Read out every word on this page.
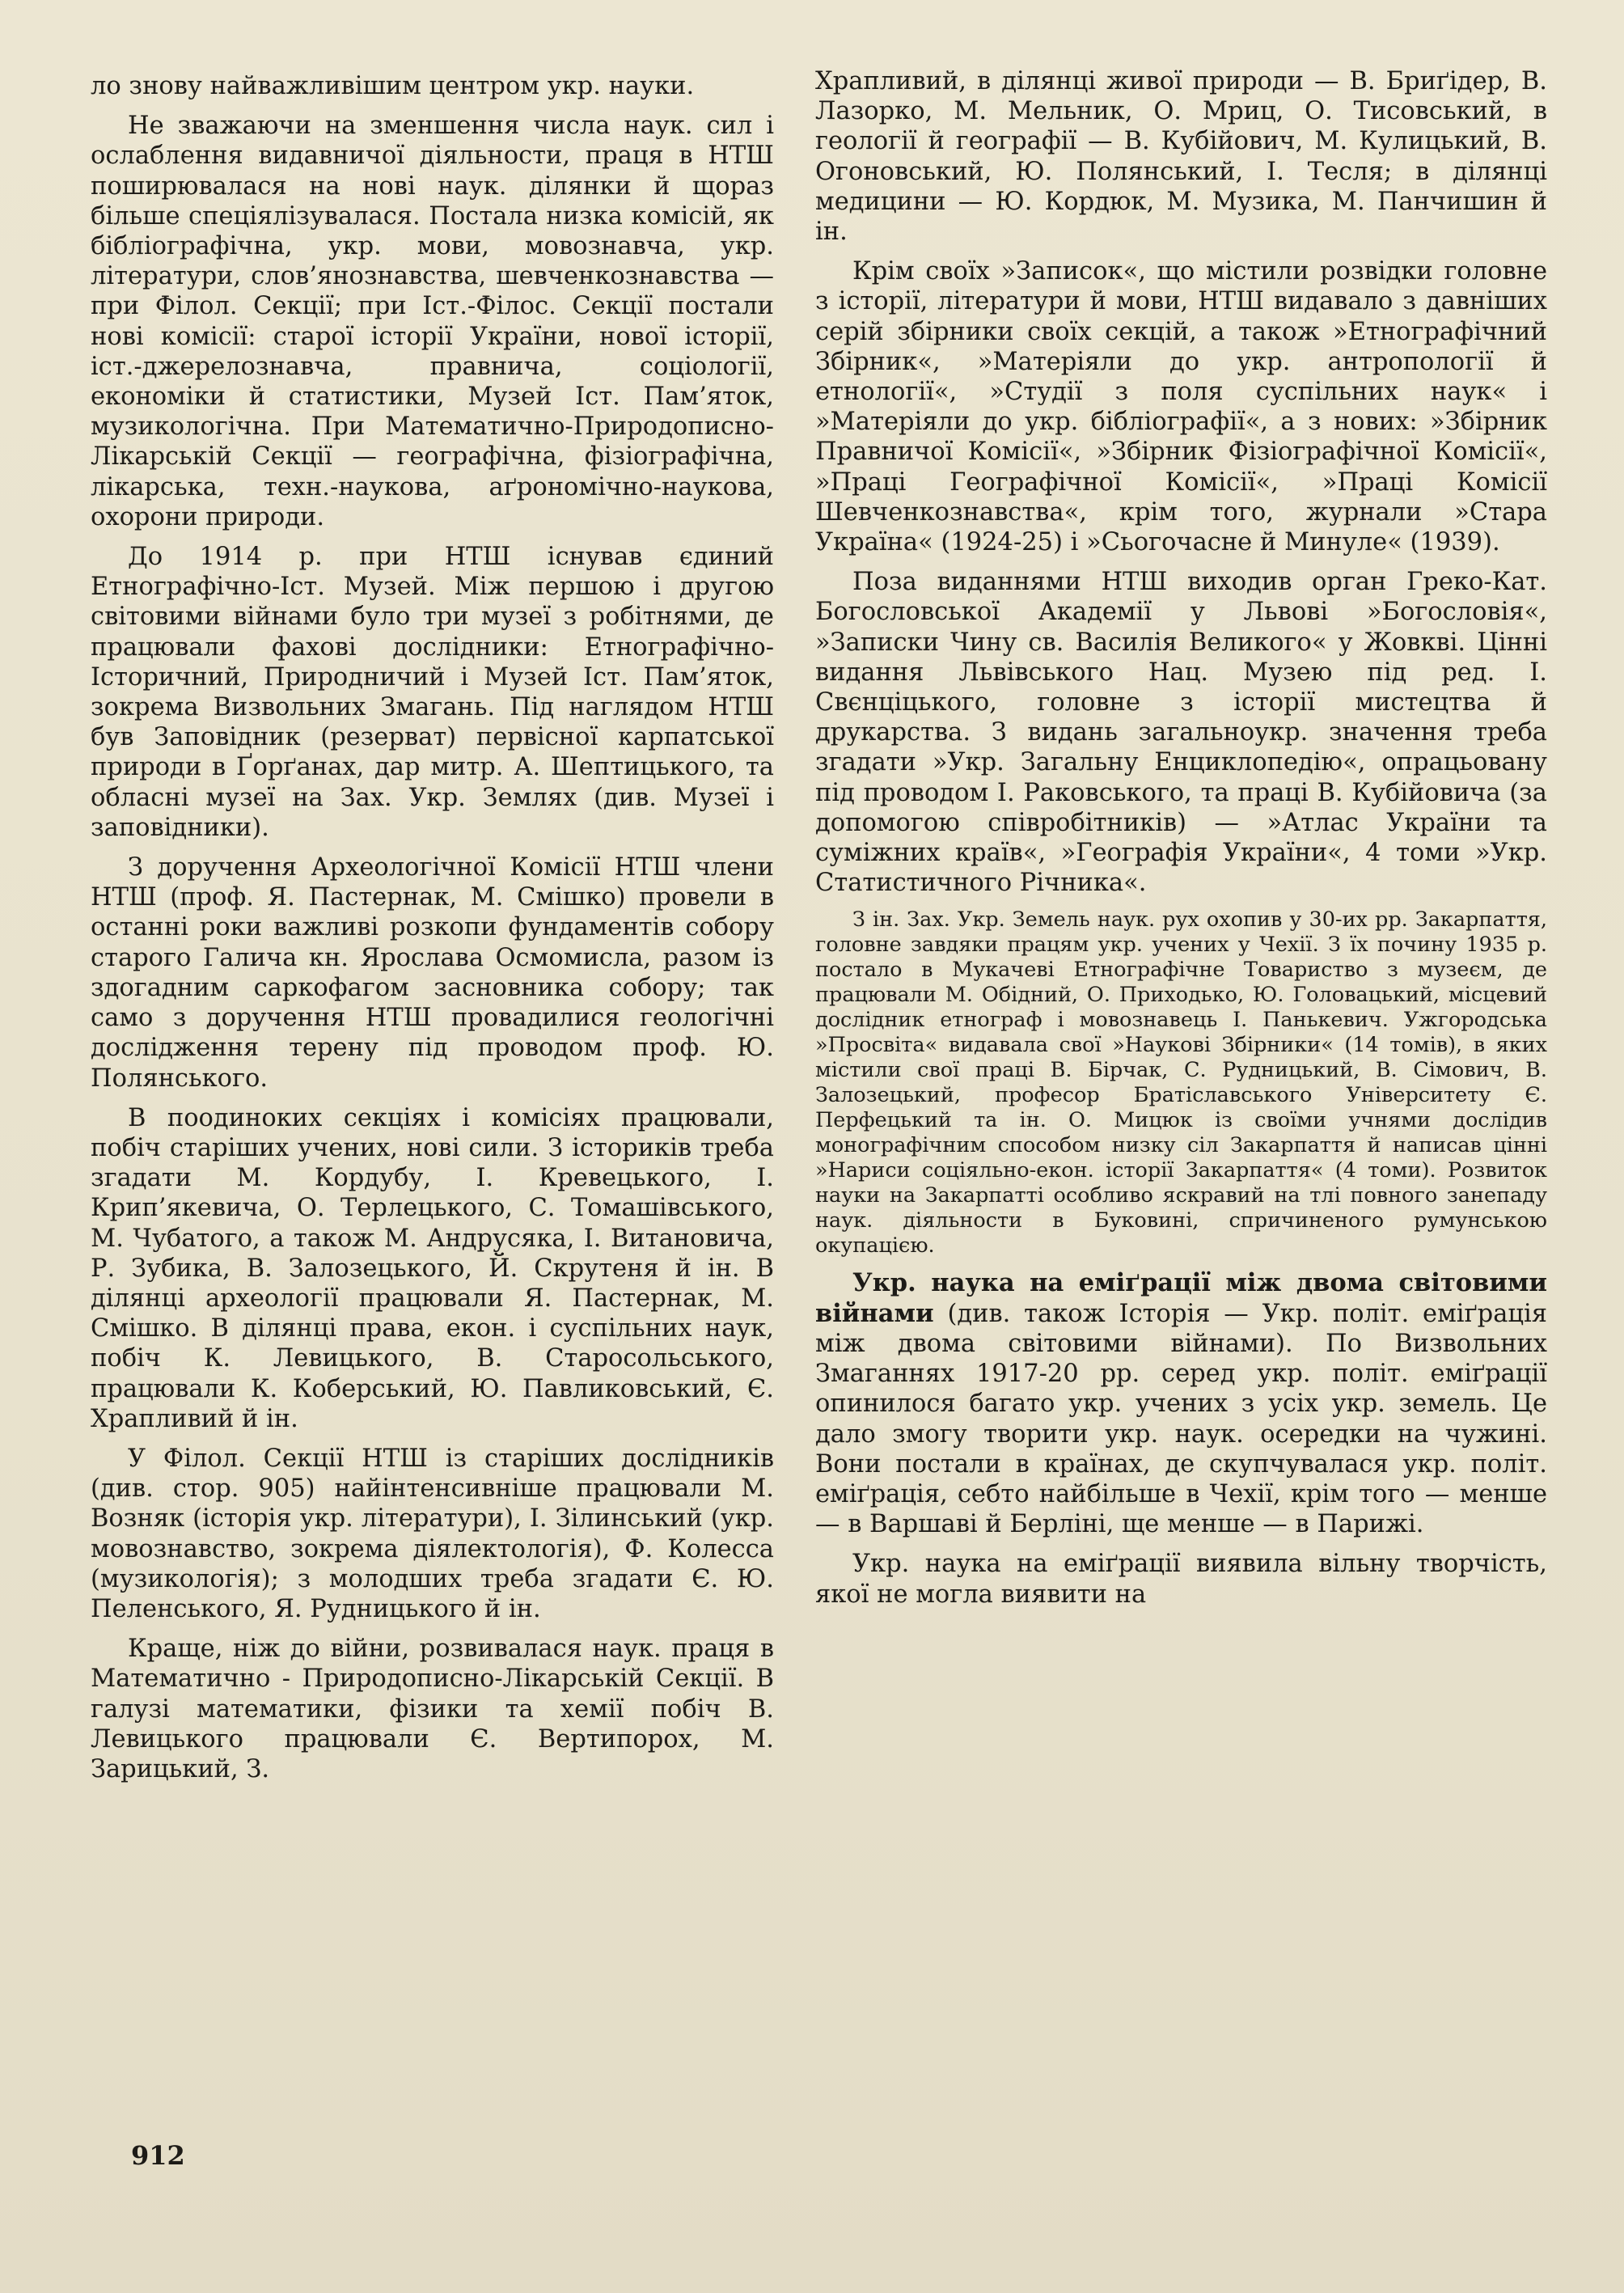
ло знову найважливішим центром укр. науки.

Не зважаючи на зменшення числа наук. сил і ослаблення видавничої діяльности, праця в НТШ поширювалася на нові наук. ділянки й щораз більше спеціялізувалася. Постала низка комісій, як бібліографічна, укр. мови, мовознавча, укр. літератури, слов’янознавства, шевченкознавства — при Філол. Секції; при Іст.-Філос. Секції постали нові комісії: старої історії України, нової історії, іст.-джерелознавча, правнича, соціології, економіки й статистики, Музей Іст. Пам’яток, музикологічна. При Математично-Природописно-Лікарській Секції — географічна, фізіографічна, лікарська, техн.-наукова, аґрономічно-наукова, охорони природи.

До 1914 р. при НТШ існував єдиний Етнографічно-Іст. Музей. Між першою і другою світовими війнами було три музеї з робітнями, де працювали фахові дослідники: Етнографічно-Історичний, Природничий і Музей Іст. Пам’яток, зокрема Визвольних Змагань. Під наглядом НТШ був Заповідник (резерват) первісної карпатської природи в Ґорґанах, дар митр. А. Шептицького, та обласні музеї на Зах. Укр. Землях (див. Музеї і заповідники).

З доручення Археологічної Комісії НТШ члени НТШ (проф. Я. Пастернак, М. Смішко) провели в останні роки важливі розкопи фундаментів собору старого Галича кн. Ярослава Осмомисла, разом із здогадним саркофагом засновника собору; так само з доручення НТШ провадилися геологічні дослідження терену під проводом проф. Ю. Полянського.

В поодиноких секціях і комісіях працювали, побіч старіших учених, нові сили. З істориків треба згадати М. Кордубу, І. Кревецького, І. Крип’якевича, О. Терлецького, С. Томашівського, М. Чубатого, а також М. Андрусяка, І. Витановича, Р. Зубика, В. Залозецького, Й. Скрутеня й ін. В ділянці археології працювали Я. Пастернак, М. Смішко. В ділянці права, екон. і суспільних наук, побіч К. Левицького, В. Старосольського, працювали К. Коберський, Ю. Павликовський, Є. Храпливий й ін.

У Філол. Секції НТШ із старіших дослідників (див. стор. 905) найінтенсивніше працювали М. Возняк (історія укр. літератури), І. Зілинський (укр. мовознавство, зокрема діялектологія), Ф. Колесса (музикологія); з молодших треба згадати Є. Ю. Пеленського, Я. Рудницького й ін.

Краще, ніж до війни, розвивалася наук. праця в Математично - Природописно-Лікарській Секції. В галузі математики, фізики та хемії побіч В. Левицького працювали Є. Вертипорох, М. Зарицький, З.

Храпливий, в ділянці живої природи — В. Бриґідер, В. Лазорко, М. Мельник, О. Мриц, О. Тисовський, в геології й географії — В. Кубійович, М. Кулицький, В. Огоновський, Ю. Полянський, І. Тесля; в ділянці медицини — Ю. Кордюк, М. Музика, М. Панчишин й ін.

Крім своїх »Записок«, що містили розвідки головне з історії, літератури й мови, НТШ видавало з давніших серій збірники своїх секцій, а також »Етнографічний Збірник«, »Матеріяли до укр. антропології й етнології«, »Студії з поля суспільних наук« і »Матеріяли до укр. бібліографії«, а з нових: »Збірник Правничої Комісії«, »Збірник Фізіографічної Комісії«, »Праці Географічної Комісії«, »Праці Комісії Шевченкознавства«, крім того, журнали »Стара Україна« (1924-25) і »Сьогочасне й Минуле« (1939).

Поза виданнями НТШ виходив орган Греко-Кат. Богословської Академії у Львові »Богословія«, »Записки Чину св. Василія Великого« у Жовкві. Цінні видання Львівського Нац. Музею під ред. І. Свєнціцького, головне з історії мистецтва й друкарства. З видань загальноукр. значення треба згадати »Укр. Загальну Енциклопедію«, опрацьовану під проводом І. Раковського, та праці В. Кубійовича (за допомогою співробітників) — »Атлас України та суміжних країв«, »Географія України«, 4 томи »Укр. Статистичного Річника«.

З ін. Зах. Укр. Земель наук. рух охопив у 30-их рр. Закарпаття, головне завдяки працям укр. учених у Чехії. З їх почину 1935 р. постало в Мукачеві Етнографічне Товариство з музеєм, де працювали М. Обідний, О. Приходько, Ю. Головацький, місцевий дослідник етнограф і мовознавець І. Панькевич. Ужгородська »Просвіта« видавала свої »Наукові Збірники« (14 томів), в яких містили свої праці В. Бірчак, С. Рудницький, В. Сімович, В. Залозецький, професор Братіславського Університету Є. Перфецький та ін. О. Мицюк із своїми учнями дослідив монографічним способом низку сіл Закарпаття й написав цінні »Нариси соціяльно-екон. історії Закарпаття« (4 томи). Розвиток науки на Закарпатті особливо яскравий на тлі повного занепаду наук. діяльности в Буковині, спричиненого румунською окупацією.

Укр. наука на еміґрації між двома світовими війнами (див. також Історія — Укр. політ. еміґрація між двома світовими війнами). По Визвольних Змаганнях 1917-20 рр. серед укр. політ. еміґрації опинилося багато укр. учених з усіх укр. земель. Це дало змогу творити укр. наук. осередки на чужині. Вони постали в країнах, де скупчувалася укр. політ. еміґрація, себто найбільше в Чехії, крім того — менше — в Варшаві й Берліні, ще менше — в Парижі.

Укр. наука на еміґрації виявила вільну творчість, якої не могла виявити на

912
